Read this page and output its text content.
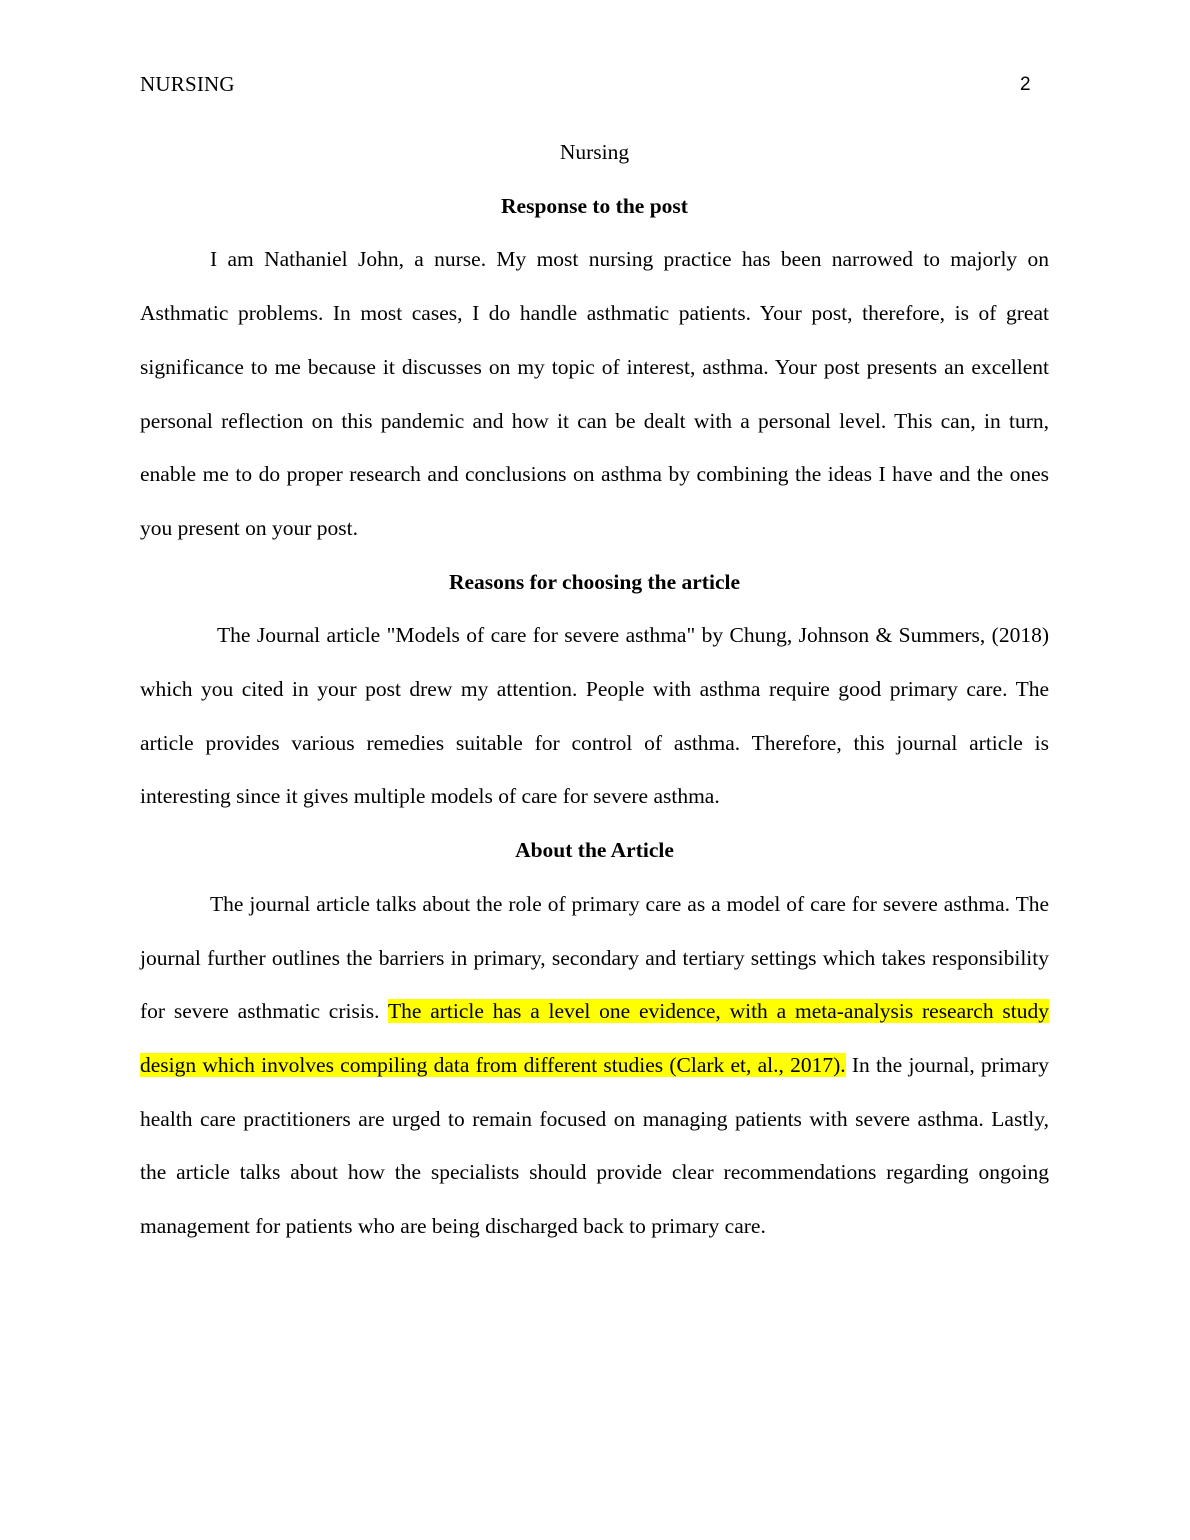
NURSING	2

Nursing

Response to the post

I am Nathaniel John, a nurse. My most nursing practice has been narrowed to majorly on Asthmatic problems. In most cases, I do handle asthmatic patients. Your post, therefore, is of great significance to me because it discusses on my topic of interest, asthma. Your post presents an excellent personal reflection on this pandemic and how it can be dealt with a personal level. This can, in turn, enable me to do proper research and conclusions on asthma by combining the ideas I have and the ones you present on your post.

Reasons for choosing the article

The Journal article "Models of care for severe asthma" by Chung, Johnson & Summers, (2018) which you cited in your post drew my attention. People with asthma require good primary care. The article provides various remedies suitable for control of asthma. Therefore, this journal article is interesting since it gives multiple models of care for severe asthma.

About the Article

The journal article talks about the role of primary care as a model of care for severe asthma. The journal further outlines the barriers in primary, secondary and tertiary settings which takes responsibility for severe asthmatic crisis. The article has a level one evidence, with a meta-analysis research study design which involves compiling data from different studies (Clark et, al., 2017). In the journal, primary health care practitioners are urged to remain focused on managing patients with severe asthma. Lastly, the article talks about how the specialists should provide clear recommendations regarding ongoing management for patients who are being discharged back to primary care.
